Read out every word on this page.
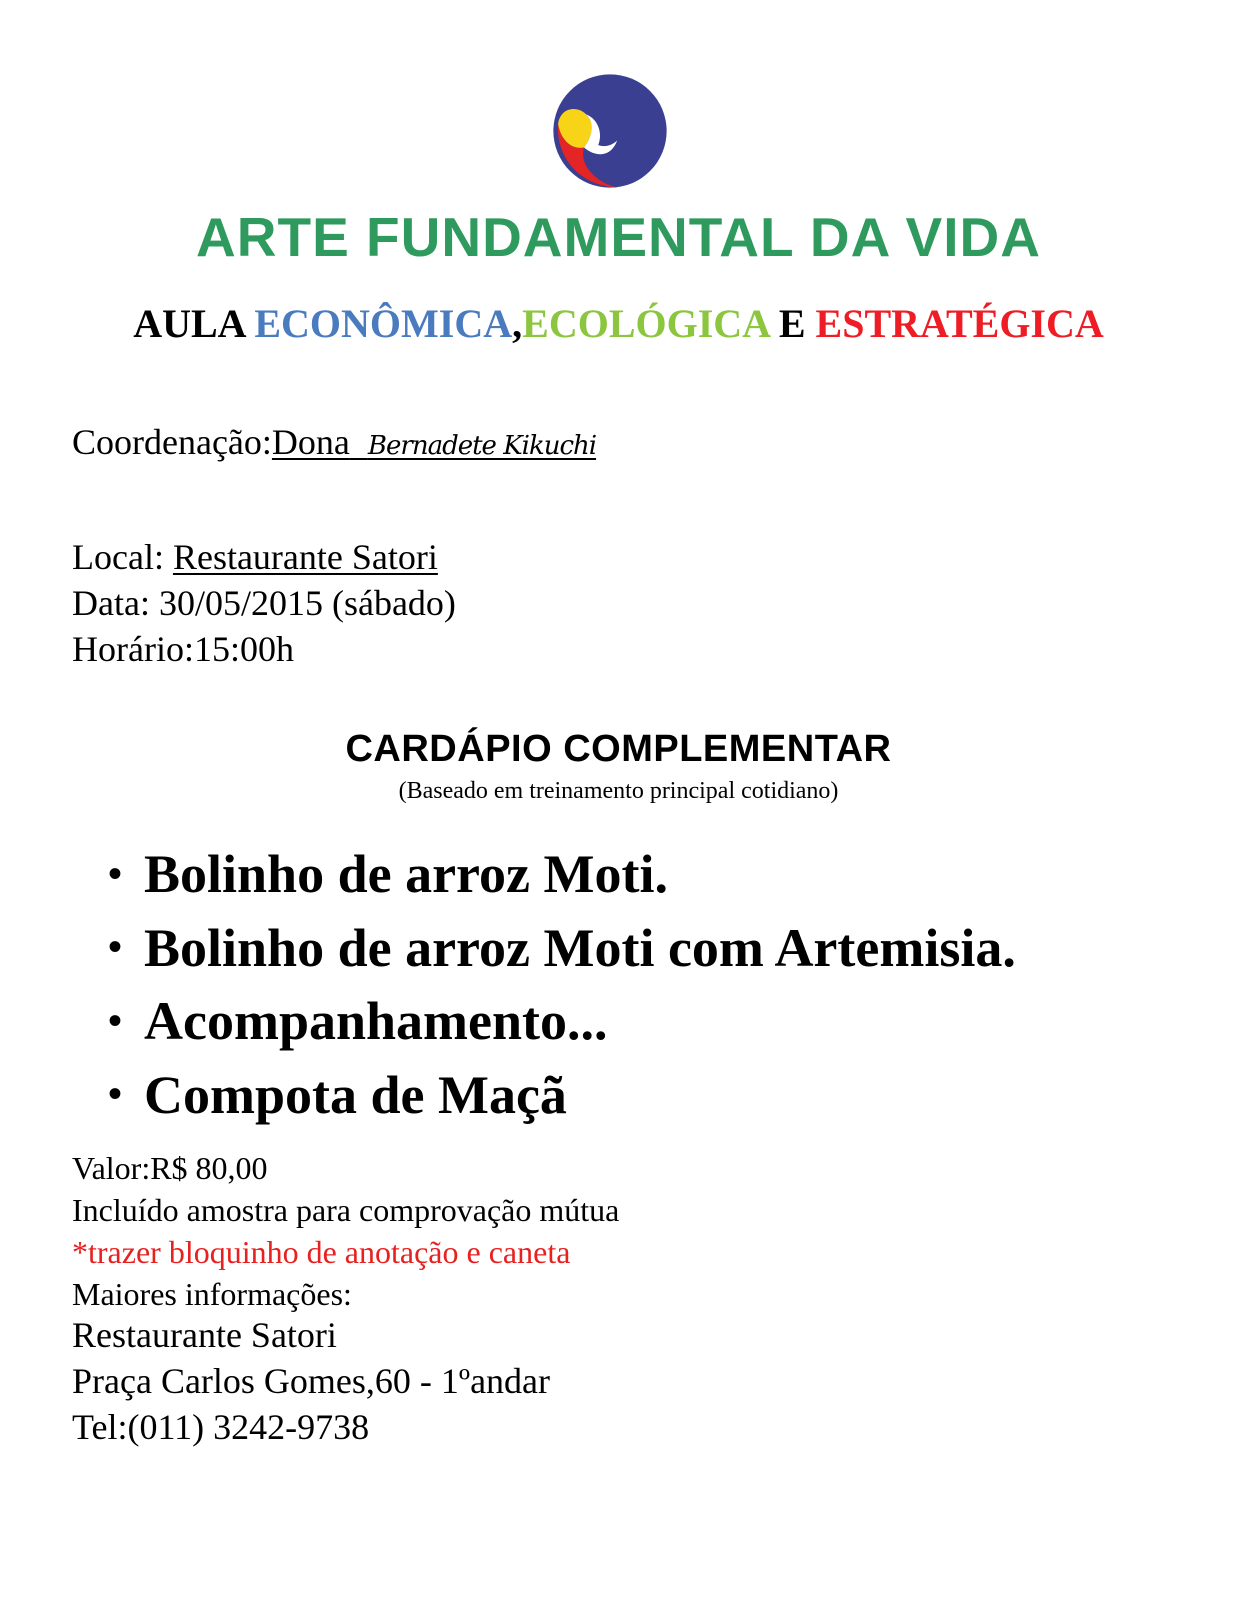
ARTE FUNDAMENTAL DA VIDA
AULA ECONÔMICA,ECOLÓGICA E ESTRATÉGICA
Coordenação:Dona Bernadete Kikuchi
Local: Restaurante Satori
Data: 30/05/2015 (sábado)
Horário:15:00h
CARDÁPIO COMPLEMENTAR
(Baseado em treinamento principal cotidiano)
• Bolinho de arroz Moti.
• Bolinho de arroz Moti com Artemisia.
• Acompanhamento...
• Compota de Maçã
Valor:R$ 80,00
Incluído amostra para comprovação mútua
*trazer bloquinho de anotação e caneta
Maiores informações:
Restaurante Satori
Praça Carlos Gomes,60 - 1ºandar
Tel:(011) 3242-9738
